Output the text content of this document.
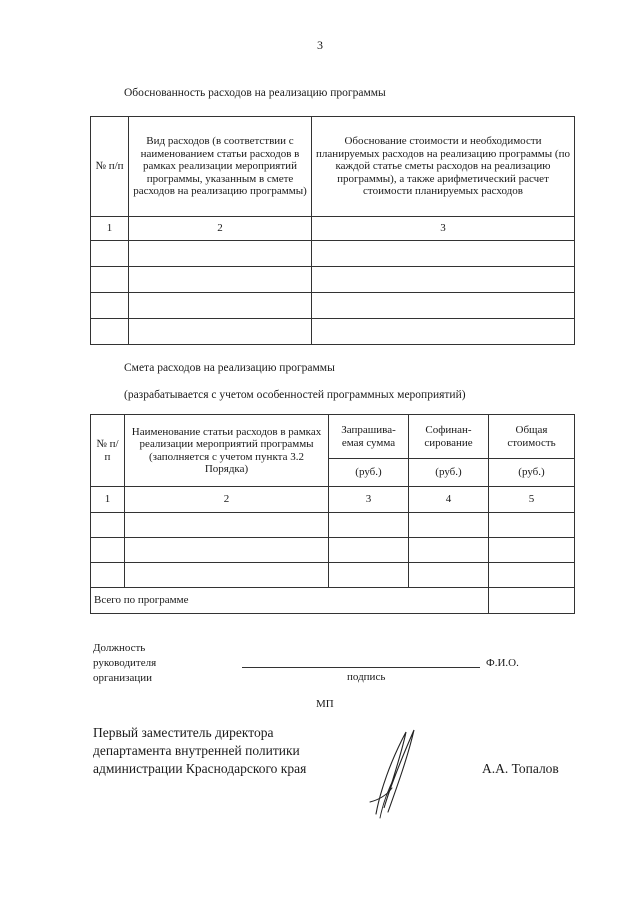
3
Обоснованность расходов на реализацию программы
№ п/п	Вид расходов (в соответствии с наименованием статьи расходов в рамках реализации мероприятий программы, указанным в смете расходов на реализацию программы)	Обоснование стоимости и необходимости планируемых расходов на реализацию программы (по каждой статье сметы расходов на реализацию программы), а также арифметический расчет стоимости планируемых расходов
1	2	3

Смета расходов на реализацию программы
(разрабатывается с учетом особенностей программных мероприятий)
№ п/п	Наименование статьи расходов в рамках реализации мероприятий программы (заполняется с учетом пункта 3.2 Порядка)	Запрашива-емая сумма	Софинан-сирование	Общая стоимость
		(руб.)	(руб.)	(руб.)
1	2	3	4	5

Всего по программе				
Должность
руководителя
организации
Ф.И.О.
подпись
МП
Первый заместитель директора
департамента внутренней политики
администрации Краснодарского края	А.А. Топалов
